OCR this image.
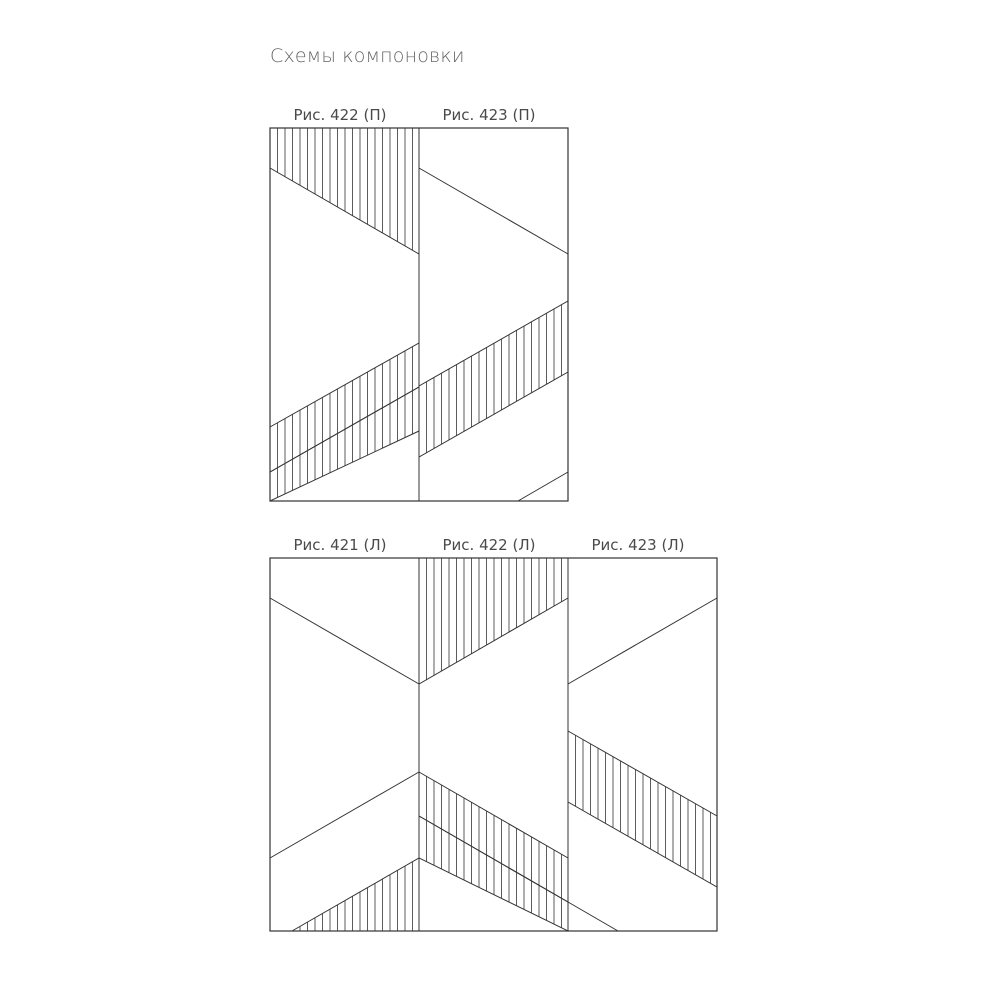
Схемы компоновки
Рис. 422 (П)	Рис. 423 (П)
Рис. 421 (Л)	Рис. 422 (Л)	Рис. 423 (Л)
